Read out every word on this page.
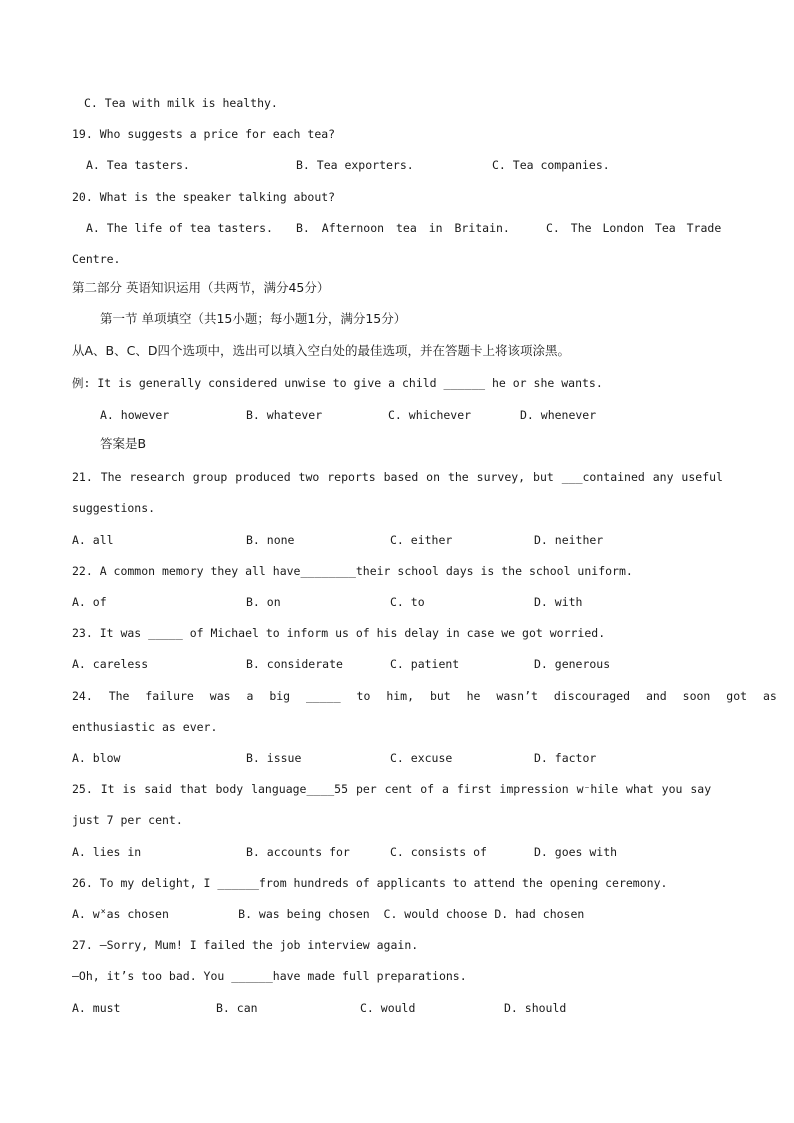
C. Tea with milk is healthy.
19. Who suggests a price for each tea?
A. Tea tasters.	B. Tea exporters.	C. Tea companies.
20. What is the speaker talking about?
A. The life of tea tasters. B. Afternoon tea in Britain.	C. The London Tea Trade
Centre.
第二部分 英语知识运用（共两节，满分45分）
第一节 单项填空（共15小题；每小题1分，满分15分）
从A、B、C、D四个选项中，选出可以填入空白处的最佳选项，并在答题卡上将该项涂黑。
例: It is generally considered unwise to give a child ______ he or she wants.
A. however	B. whatever	C. whichever	D. whenever
答案是B
21. The research group produced two reports based on the survey, but ___contained any useful
suggestions.
A. all	B. none	C. either	D. neither
22. A common memory they all have________their school days is the school uniform.
A. of	B. on	C. to	D. with
23. It was _____ of Michael to inform us of his delay in case we got worried.
A. careless	B. considerate	C. patient	D. generous
24. The failure was a big _____ to him, but he wasn’t discouraged and soon got as
enthusiastic as ever.
A. blow	B. issue	C. excuse	D. factor
25. It is said that body language____55 per cent of a first impression w⁻hile what you say
just 7 per cent.
A. lies in	B. accounts for	C. consists of	D. goes with
26. To my delight, I ______from hundreds of applicants to attend the opening ceremony.
A. w˟as chosen          B. was being chosen  C. would choose D. had chosen
27. —Sorry, Mum! I failed the job interview again.
—Oh, it’s too bad. You ______have made full preparations.
A. must	B. can	C. would	D. should
